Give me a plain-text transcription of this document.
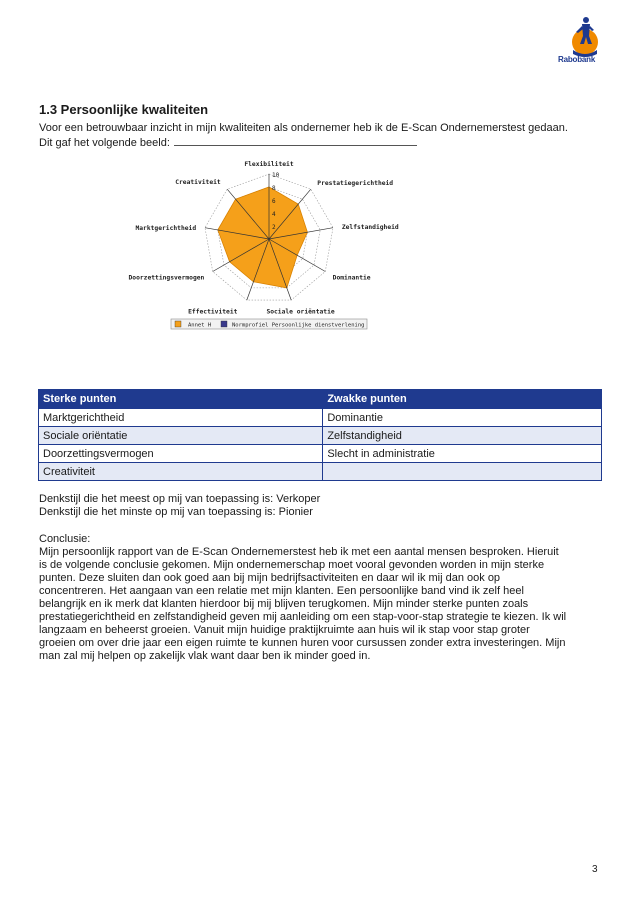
Rabobank
1.3 Persoonlijke kwaliteiten
Voor een betrouwbaar inzicht in mijn kwaliteiten als ondernemer heb ik de E-Scan Ondernemerstest gedaan.
Dit gaf het volgende beeld:
2
4
6
8
10
Flexibiliteit
Prestatiegerichtheid
Zelfstandigheid
Dominantie
Sociale oriëntatie
Effectiviteit
Doorzettingsvermogen
Marktgerichtheid
Creativiteit
Annet H	Normprofiel Persoonlijke dienstverlening
Sterke punten	Zwakke punten
Marktgerichtheid	Dominantie
Sociale oriëntatie	Zelfstandigheid
Doorzettingsvermogen	Slecht in administratie
Creativiteit	
Denkstijl die het meest op mij van toepassing is: Verkoper
Denkstijl die het minste op mij van toepassing is: Pionier
Conclusie:
Mijn persoonlijk rapport van de E-Scan Ondernemerstest heb ik met een aantal mensen besproken. Hieruit
is de volgende conclusie gekomen. Mijn ondernemerschap moet vooral gevonden worden in mijn sterke
punten. Deze sluiten dan ook goed aan bij mijn bedrijfsactiviteiten en daar wil ik mij dan ook op
concentreren. Het aangaan van een relatie met mijn klanten. Een persoonlijke band vind ik zelf heel
belangrijk en ik merk dat klanten hierdoor bij mij blijven terugkomen. Mijn minder sterke punten zoals
prestatiegerichtheid en zelfstandigheid geven mij aanleiding om een stap-voor-stap strategie te kiezen. Ik wil
langzaam en beheerst groeien. Vanuit mijn huidige praktijkruimte aan huis wil ik stap voor stap groter
groeien om over drie jaar een eigen ruimte te kunnen huren voor cursussen zonder extra investeringen. Mijn
man zal mij helpen op zakelijk vlak want daar ben ik minder goed in.
3
